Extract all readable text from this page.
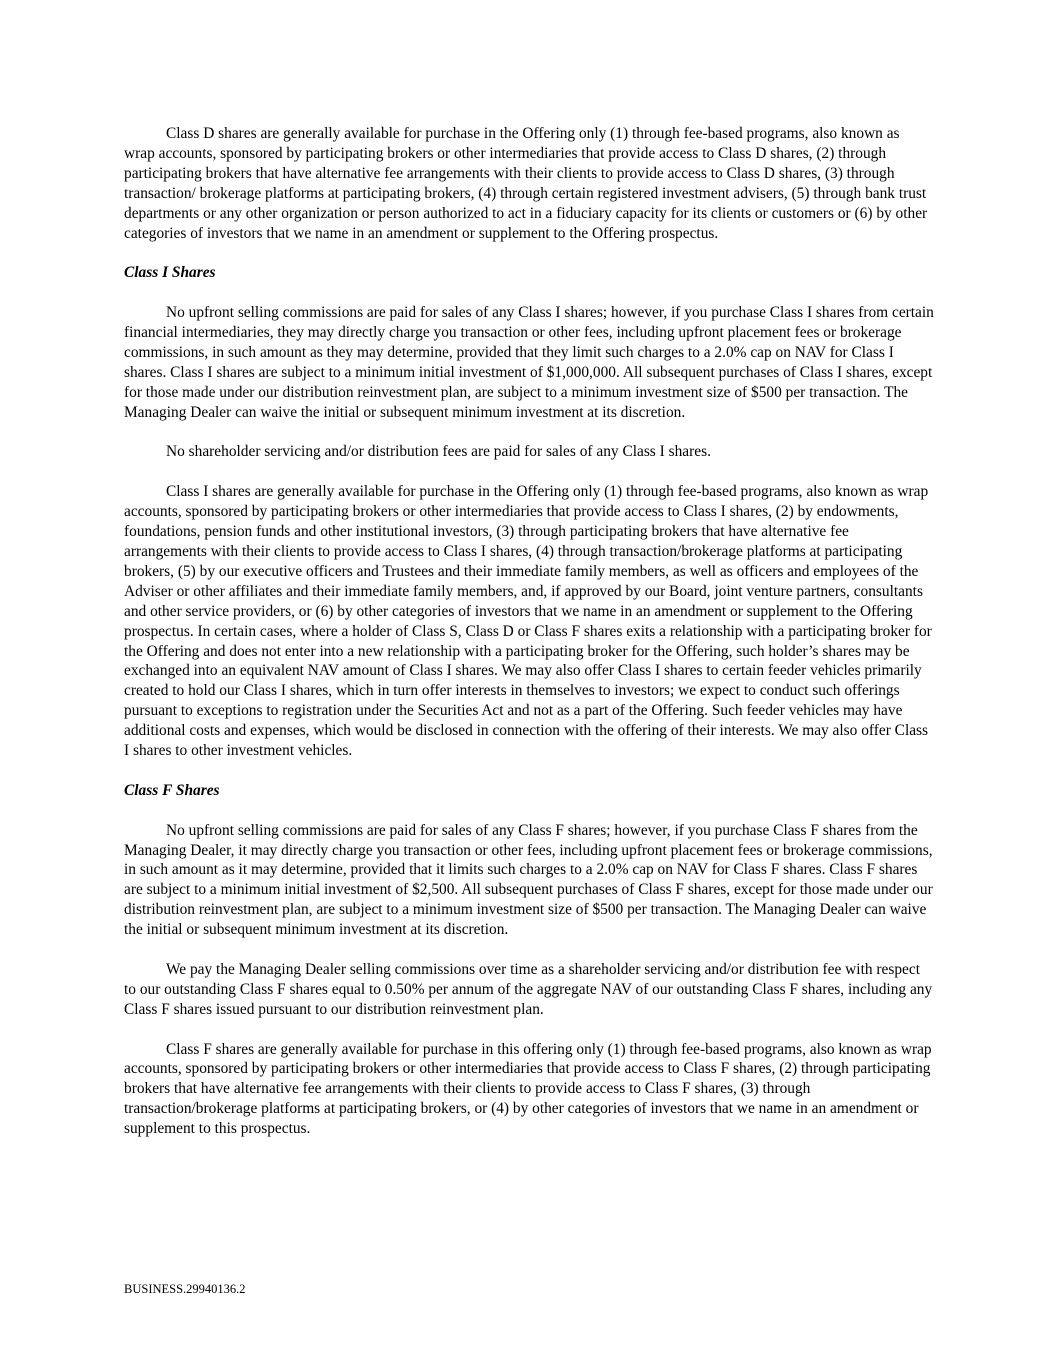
Class D shares are generally available for purchase in the Offering only (1) through fee-based programs, also known as wrap accounts, sponsored by participating brokers or other intermediaries that provide access to Class D shares, (2) through participating brokers that have alternative fee arrangements with their clients to provide access to Class D shares, (3) through transaction/ brokerage platforms at participating brokers, (4) through certain registered investment advisers, (5) through bank trust departments or any other organization or person authorized to act in a fiduciary capacity for its clients or customers or (6) by other categories of investors that we name in an amendment or supplement to the Offering prospectus.

Class I Shares

No upfront selling commissions are paid for sales of any Class I shares; however, if you purchase Class I shares from certain financial intermediaries, they may directly charge you transaction or other fees, including upfront placement fees or brokerage commissions, in such amount as they may determine, provided that they limit such charges to a 2.0% cap on NAV for Class I shares. Class I shares are subject to a minimum initial investment of $1,000,000. All subsequent purchases of Class I shares, except for those made under our distribution reinvestment plan, are subject to a minimum investment size of $500 per transaction. The Managing Dealer can waive the initial or subsequent minimum investment at its discretion.

No shareholder servicing and/or distribution fees are paid for sales of any Class I shares.

Class I shares are generally available for purchase in the Offering only (1) through fee-based programs, also known as wrap accounts, sponsored by participating brokers or other intermediaries that provide access to Class I shares, (2) by endowments, foundations, pension funds and other institutional investors, (3) through participating brokers that have alternative fee arrangements with their clients to provide access to Class I shares, (4) through transaction/brokerage platforms at participating brokers, (5) by our executive officers and Trustees and their immediate family members, as well as officers and employees of the Adviser or other affiliates and their immediate family members, and, if approved by our Board, joint venture partners, consultants and other service providers, or (6) by other categories of investors that we name in an amendment or supplement to the Offering prospectus. In certain cases, where a holder of Class S, Class D or Class F shares exits a relationship with a participating broker for the Offering and does not enter into a new relationship with a participating broker for the Offering, such holder’s shares may be exchanged into an equivalent NAV amount of Class I shares. We may also offer Class I shares to certain feeder vehicles primarily created to hold our Class I shares, which in turn offer interests in themselves to investors; we expect to conduct such offerings pursuant to exceptions to registration under the Securities Act and not as a part of the Offering. Such feeder vehicles may have additional costs and expenses, which would be disclosed in connection with the offering of their interests. We may also offer Class I shares to other investment vehicles.

Class F Shares

No upfront selling commissions are paid for sales of any Class F shares; however, if you purchase Class F shares from the Managing Dealer, it may directly charge you transaction or other fees, including upfront placement fees or brokerage commissions, in such amount as it may determine, provided that it limits such charges to a 2.0% cap on NAV for Class F shares. Class F shares are subject to a minimum initial investment of $2,500. All subsequent purchases of Class F shares, except for those made under our distribution reinvestment plan, are subject to a minimum investment size of $500 per transaction. The Managing Dealer can waive the initial or subsequent minimum investment at its discretion.

We pay the Managing Dealer selling commissions over time as a shareholder servicing and/or distribution fee with respect to our outstanding Class F shares equal to 0.50% per annum of the aggregate NAV of our outstanding Class F shares, including any Class F shares issued pursuant to our distribution reinvestment plan.

Class F shares are generally available for purchase in this offering only (1) through fee-based programs, also known as wrap accounts, sponsored by participating brokers or other intermediaries that provide access to Class F shares, (2) through participating brokers that have alternative fee arrangements with their clients to provide access to Class F shares, (3) through transaction/brokerage platforms at participating brokers, or (4) by other categories of investors that we name in an amendment or supplement to this prospectus.

BUSINESS.29940136.2
